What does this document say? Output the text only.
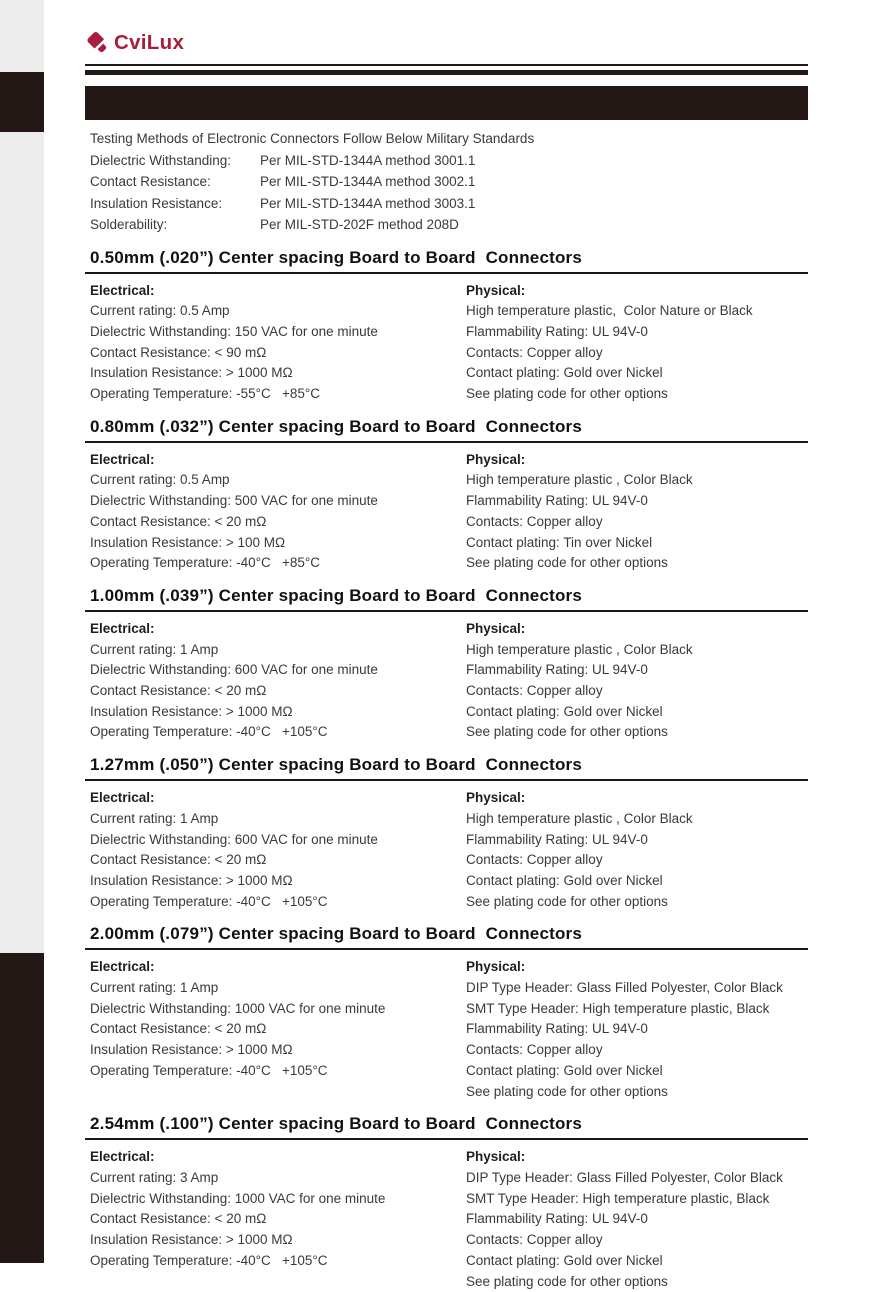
CviLux
Testing Methods of Electronic Connectors Follow Below Military Standards
Dielectric Withstanding:	Per MIL-STD-1344A method 3001.1
Contact Resistance:	Per MIL-STD-1344A method 3002.1
Insulation Resistance:	Per MIL-STD-1344A method 3003.1
Solderability:	Per MIL-STD-202F method 208D
0.50mm (.020”) Center spacing Board to Board  Connectors
Electrical:
Current rating: 0.5 Amp
Dielectric Withstanding: 150 VAC for one minute
Contact Resistance: < 90 mΩ
Insulation Resistance: > 1000 MΩ
Operating Temperature: -55°C   +85°C
Physical:
High temperature plastic,  Color Nature or Black
Flammability Rating: UL 94V-0
Contacts: Copper alloy
Contact plating: Gold over Nickel
See plating code for other options
0.80mm (.032”) Center spacing Board to Board  Connectors
Electrical:
Current rating: 0.5 Amp
Dielectric Withstanding: 500 VAC for one minute
Contact Resistance: < 20 mΩ
Insulation Resistance: > 100 MΩ
Operating Temperature: -40°C   +85°C
Physical:
High temperature plastic , Color Black
Flammability Rating: UL 94V-0
Contacts: Copper alloy
Contact plating: Tin over Nickel
See plating code for other options
1.00mm (.039”) Center spacing Board to Board  Connectors
Electrical:
Current rating: 1 Amp
Dielectric Withstanding: 600 VAC for one minute
Contact Resistance: < 20 mΩ
Insulation Resistance: > 1000 MΩ
Operating Temperature: -40°C   +105°C
Physical:
High temperature plastic , Color Black
Flammability Rating: UL 94V-0
Contacts: Copper alloy
Contact plating: Gold over Nickel
See plating code for other options
1.27mm (.050”) Center spacing Board to Board  Connectors
Electrical:
Current rating: 1 Amp
Dielectric Withstanding: 600 VAC for one minute
Contact Resistance: < 20 mΩ
Insulation Resistance: > 1000 MΩ
Operating Temperature: -40°C   +105°C
Physical:
High temperature plastic , Color Black
Flammability Rating: UL 94V-0
Contacts: Copper alloy
Contact plating: Gold over Nickel
See plating code for other options
2.00mm (.079”) Center spacing Board to Board  Connectors
Electrical:
Current rating: 1 Amp
Dielectric Withstanding: 1000 VAC for one minute
Contact Resistance: < 20 mΩ
Insulation Resistance: > 1000 MΩ
Operating Temperature: -40°C   +105°C
Physical:
DIP Type Header: Glass Filled Polyester, Color Black
SMT Type Header: High temperature plastic, Black
Flammability Rating: UL 94V-0
Contacts: Copper alloy
Contact plating: Gold over Nickel
See plating code for other options
2.54mm (.100”) Center spacing Board to Board  Connectors
Electrical:
Current rating: 3 Amp
Dielectric Withstanding: 1000 VAC for one minute
Contact Resistance: < 20 mΩ
Insulation Resistance: > 1000 MΩ
Operating Temperature: -40°C   +105°C
Physical:
DIP Type Header: Glass Filled Polyester, Color Black
SMT Type Header: High temperature plastic, Black
Flammability Rating: UL 94V-0
Contacts: Copper alloy
Contact plating: Gold over Nickel
See plating code for other options
